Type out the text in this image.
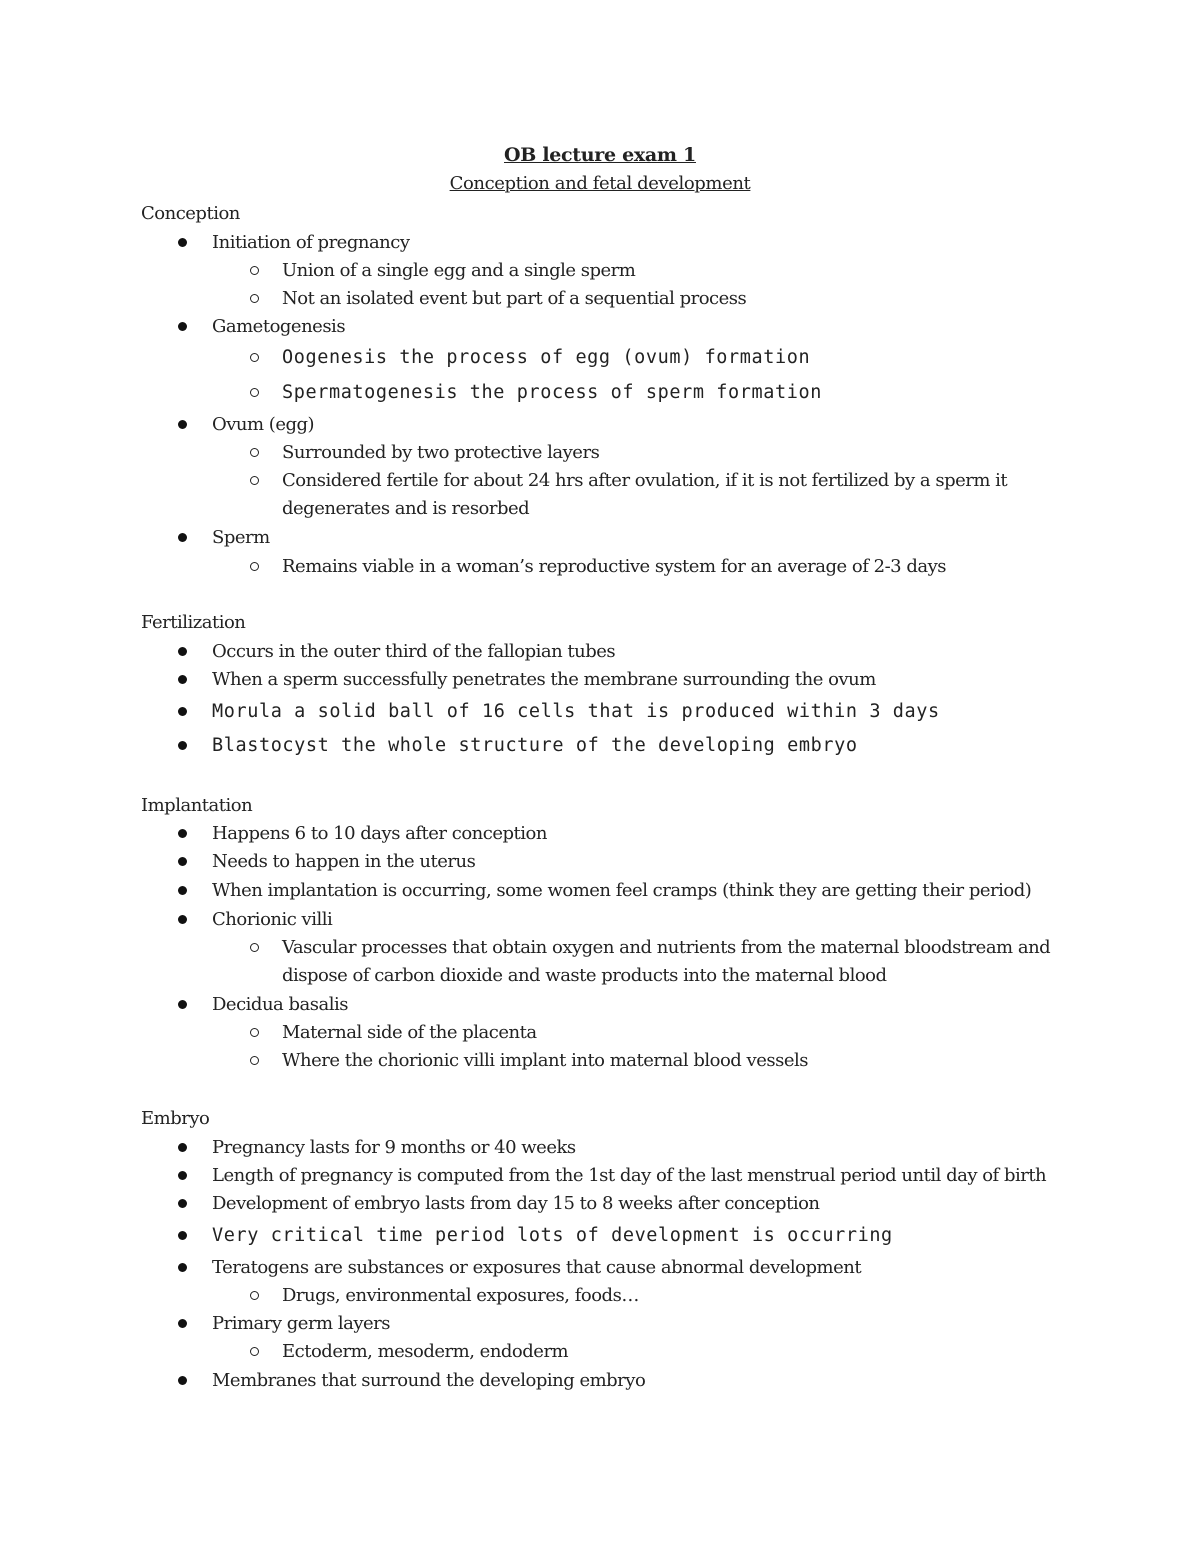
OB lecture exam 1
Conception and fetal development
Conception
Initiation of pregnancy
Union of a single egg and a single sperm
Not an isolated event but part of a sequential process
Gametogenesis
Oogenesis the process of egg (ovum) formation
Spermatogenesis the process of sperm formation
Ovum (egg)
Surrounded by two protective layers
Considered fertile for about 24 hrs after ovulation, if it is not fertilized by a sperm it
degenerates and is resorbed
Sperm
Remains viable in a woman’s reproductive system for an average of 2-3 days
Fertilization
Occurs in the outer third of the fallopian tubes
When a sperm successfully penetrates the membrane surrounding the ovum
Morula a solid ball of 16 cells that is produced within 3 days
Blastocyst the whole structure of the developing embryo
Implantation
Happens 6 to 10 days after conception
Needs to happen in the uterus
When implantation is occurring, some women feel cramps (think they are getting their period)
Chorionic villi
Vascular processes that obtain oxygen and nutrients from the maternal bloodstream and
dispose of carbon dioxide and waste products into the maternal blood
Decidua basalis
Maternal side of the placenta
Where the chorionic villi implant into maternal blood vessels
Embryo
Pregnancy lasts for 9 months or 40 weeks
Length of pregnancy is computed from the 1st day of the last menstrual period until day of birth
Development of embryo lasts from day 15 to 8 weeks after conception
Very critical time period lots of development is occurring
Teratogens are substances or exposures that cause abnormal development
Drugs, environmental exposures, foods…
Primary germ layers
Ectoderm, mesoderm, endoderm
Membranes that surround the developing embryo
